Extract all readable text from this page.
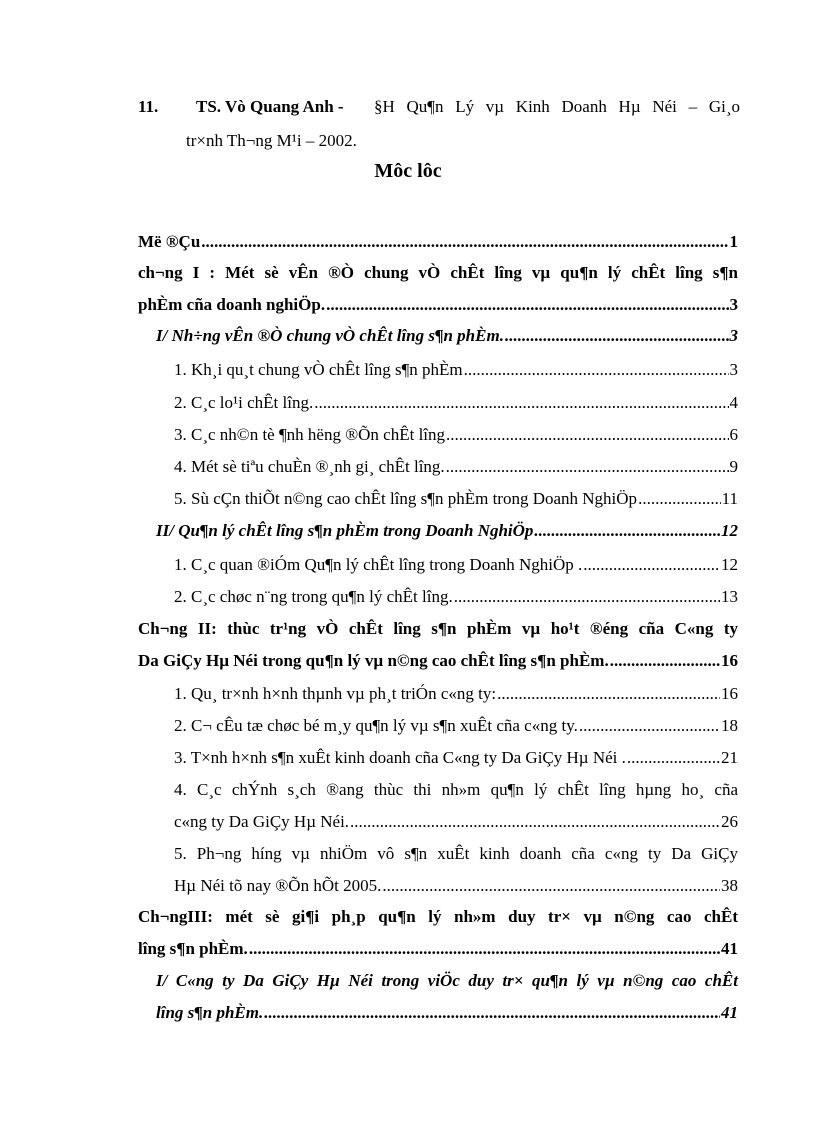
11. TS. Vò Quang Anh - §H Qu¶n Lý vµ Kinh Doanh Hµ Néi – Gi¸o
tr×nh Th¬ng M¹i – 2002.
Môc lôc
Më ®Çu .....	1
ch¬ng I : Mét sè vÊn ®Ò chung vÒ chÊt lîng vµ qu¶n lý chÊt lîng s¶n
phÈm cña doanh nghiÖp. .....	3
I/ Nh÷ng vÊn ®Ò chung vÒ chÊt lîng s¶n phÈm. .....	3
1. Kh¸i qu¸t chung vÒ chÊt lîng s¶n phÈm .....	3
2. C¸c lo¹i chÊt lîng. .....	4
3. C¸c nh©n tè ¶nh hëng ®Õn chÊt lîng .....	6
4. Mét sè tiªu chuÈn ®¸nh gi¸ chÊt lîng. .....	9
5. Sù cÇn thiÕt n©ng cao chÊt lîng s¶n phÈm trong Doanh NghiÖp .....	11
II/ Qu¶n lý chÊt lîng s¶n phÈm trong Doanh NghiÖp .....	12
1. C¸c quan ®iÓm Qu¶n lý chÊt lîng trong Doanh NghiÖp . .....	12
2. C¸c chøc n¨ng trong qu¶n lý chÊt lîng. .....	13
Ch¬ng II: thùc tr¹ng vÒ chÊt lîng s¶n phÈm vµ ho¹t ®éng cña C«ng ty
Da GiÇy Hµ Néi trong qu¶n lý vµ n©ng cao chÊt lîng s¶n phÈm. .....	16
1. Qu¸ tr×nh h×nh thµnh vµ ph¸t triÓn c«ng ty: .....	16
2. C¬ cÊu tæ chøc bé m¸y qu¶n lý vµ s¶n xuÊt cña c«ng ty. .....	18
3. T×nh h×nh s¶n xuÊt kinh doanh cña C«ng ty Da GiÇy Hµ Néi . .....	21
4. C¸c chÝnh s¸ch ®ang thùc thi nh»m qu¶n lý chÊt lîng hµng ho¸ cña
c«ng ty Da GiÇy Hµ Néi. .....	26
5. Ph¬ng híng vµ nhiÖm vô s¶n xuÊt kinh doanh cña c«ng ty Da GiÇy
Hµ Néi tõ nay ®Õn hÕt 2005. .....	38
Ch¬ngIII: mét sè gi¶i ph¸p qu¶n lý nh»m duy tr× vµ n©ng cao chÊt
lîng s¶n phÈm. .....	41
I/ C«ng ty Da GiÇy Hµ Néi trong viÖc duy tr× qu¶n lý vµ n©ng cao chÊt
lîng s¶n phÈm. .....	41
